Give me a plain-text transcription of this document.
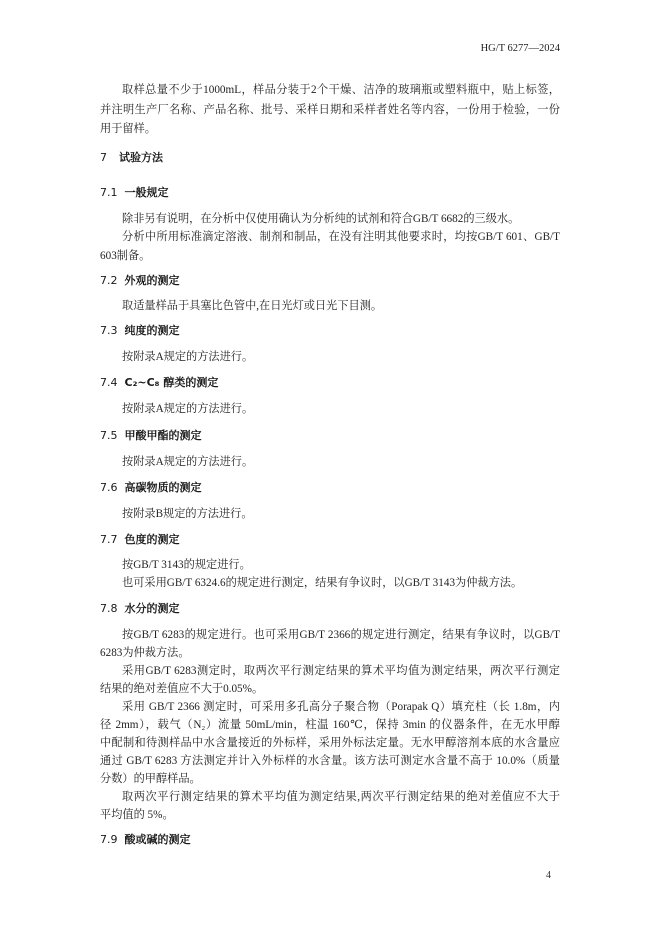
HG/T 6277—2024
取样总量不少于1000mL，样品分装于2个干燥、洁净的玻璃瓶或塑料瓶中，贴上标签，
并注明生产厂名称、产品名称、批号、采样日期和采样者姓名等内容，一份用于检验，一份
用于留样。
7 试验方法
7.1 一般规定
除非另有说明，在分析中仅使用确认为分析纯的试剂和符合GB/T 6682的三级水。
分析中所用标准滴定溶液、制剂和制品，在没有注明其他要求时，均按GB/T 601、GB/T
603制备。
7.2 外观的测定
取适量样品于具塞比色管中,在日光灯或日光下目测。
7.3 纯度的测定
按附录A规定的方法进行。
7.4 C₂~C₈ 醇类的测定
按附录A规定的方法进行。
7.5 甲酸甲酯的测定
按附录A规定的方法进行。
7.6 高碳物质的测定
按附录B规定的方法进行。
7.7 色度的测定
按GB/T 3143的规定进行。
也可采用GB/T 6324.6的规定进行测定，结果有争议时，以GB/T 3143为仲裁方法。
7.8 水分的测定
按GB/T 6283的规定进行。也可采用GB/T 2366的规定进行测定，结果有争议时，以GB/T
6283为仲裁方法。
采用GB/T 6283测定时，取两次平行测定结果的算术平均值为测定结果，两次平行测定
结果的绝对差值应不大于0.05%。
采用 GB/T 2366 测定时，可采用多孔高分子聚合物（Porapak Q）填充柱（长 1.8m，内
径 2mm），载气（N₂）流量 50mL/min，柱温 160℃，保持 3min 的仪器条件，在无水甲醇
中配制和待测样品中水含量接近的外标样，采用外标法定量。无水甲醇溶剂本底的水含量应
通过 GB/T 6283 方法测定并计入外标样的水含量。该方法可测定水含量不高于 10.0%（质量
分数）的甲醇样品。
取两次平行测定结果的算术平均值为测定结果,两次平行测定结果的绝对差值应不大于
平均值的 5%。
7.9 酸或碱的测定
4
